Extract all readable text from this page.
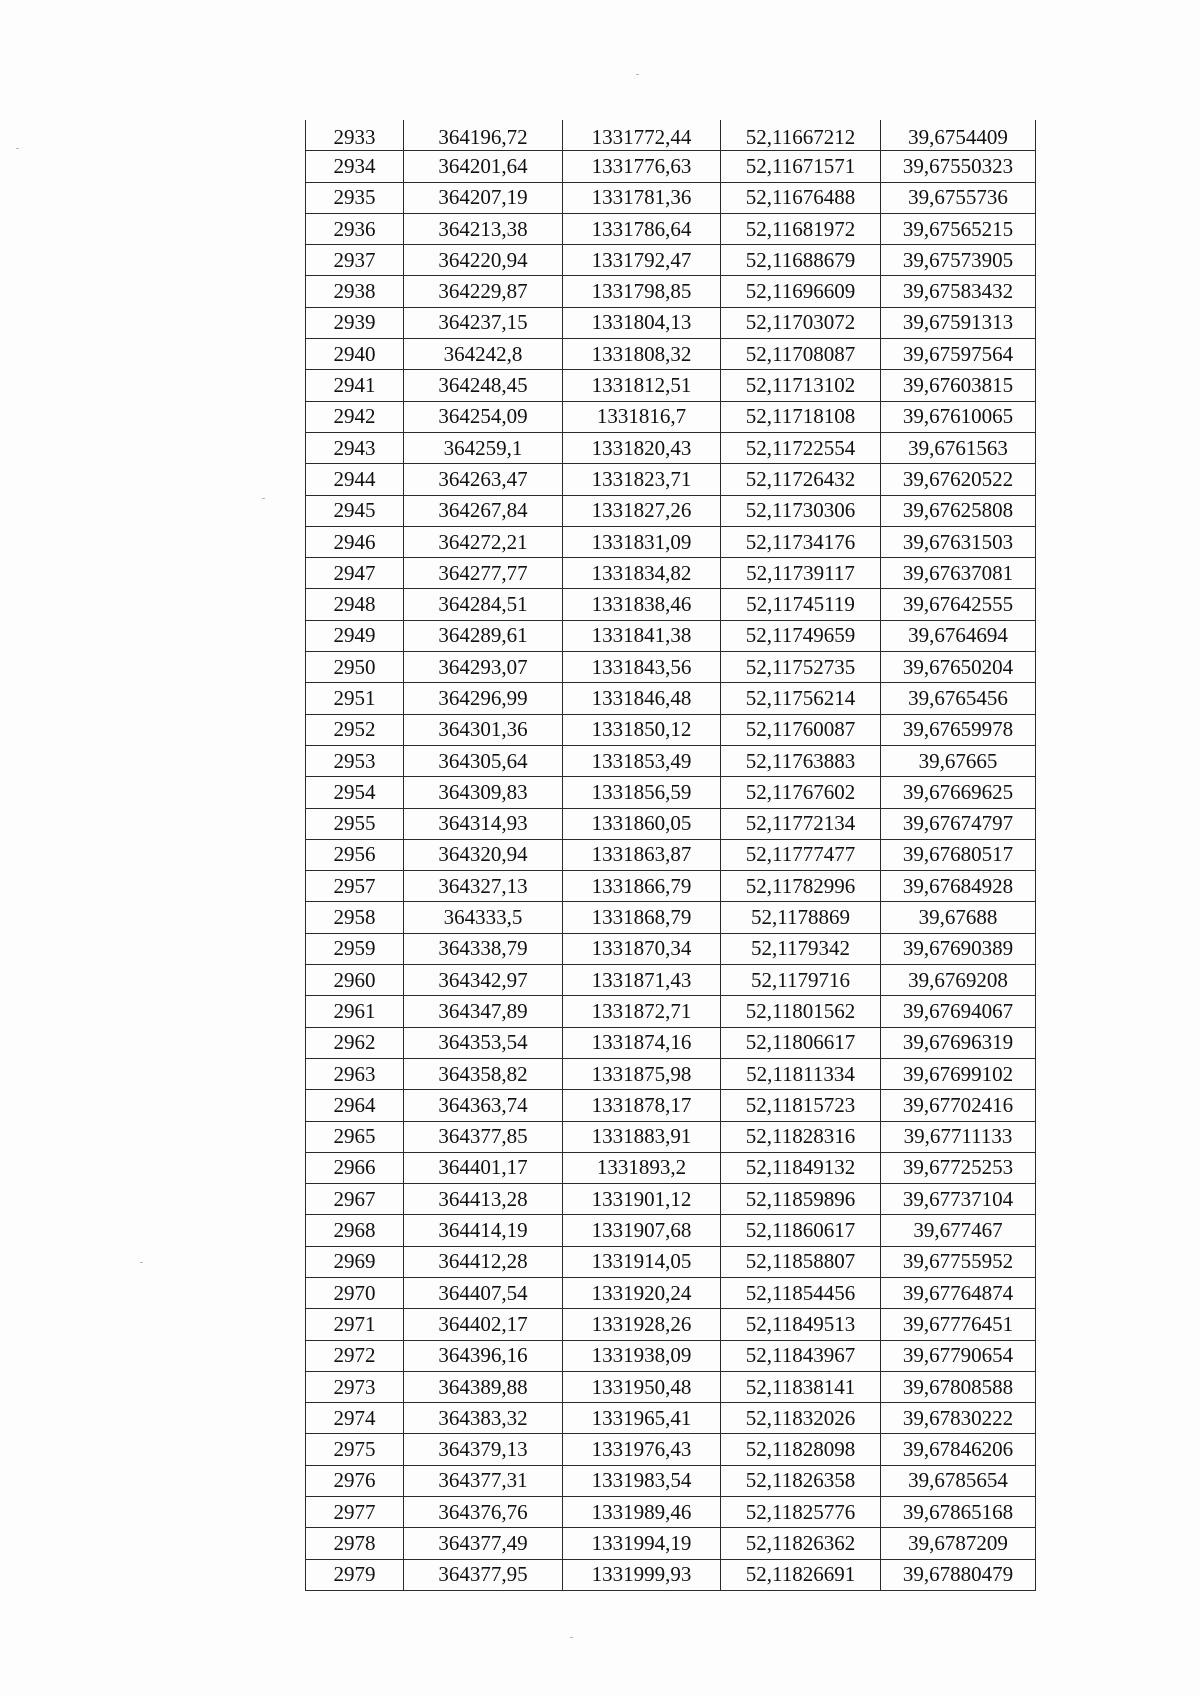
2933	364196,72	1331772,44	52,11667212	39,6754409
2934	364201,64	1331776,63	52,11671571	39,67550323
2935	364207,19	1331781,36	52,11676488	39,6755736
2936	364213,38	1331786,64	52,11681972	39,67565215
2937	364220,94	1331792,47	52,11688679	39,67573905
2938	364229,87	1331798,85	52,11696609	39,67583432
2939	364237,15	1331804,13	52,11703072	39,67591313
2940	364242,8	1331808,32	52,11708087	39,67597564
2941	364248,45	1331812,51	52,11713102	39,67603815
2942	364254,09	1331816,7	52,11718108	39,67610065
2943	364259,1	1331820,43	52,11722554	39,6761563
2944	364263,47	1331823,71	52,11726432	39,67620522
2945	364267,84	1331827,26	52,11730306	39,67625808
2946	364272,21	1331831,09	52,11734176	39,67631503
2947	364277,77	1331834,82	52,11739117	39,67637081
2948	364284,51	1331838,46	52,11745119	39,67642555
2949	364289,61	1331841,38	52,11749659	39,6764694
2950	364293,07	1331843,56	52,11752735	39,67650204
2951	364296,99	1331846,48	52,11756214	39,6765456
2952	364301,36	1331850,12	52,11760087	39,67659978
2953	364305,64	1331853,49	52,11763883	39,67665
2954	364309,83	1331856,59	52,11767602	39,67669625
2955	364314,93	1331860,05	52,11772134	39,67674797
2956	364320,94	1331863,87	52,11777477	39,67680517
2957	364327,13	1331866,79	52,11782996	39,67684928
2958	364333,5	1331868,79	52,1178869	39,67688
2959	364338,79	1331870,34	52,1179342	39,67690389
2960	364342,97	1331871,43	52,1179716	39,6769208
2961	364347,89	1331872,71	52,11801562	39,67694067
2962	364353,54	1331874,16	52,11806617	39,67696319
2963	364358,82	1331875,98	52,11811334	39,67699102
2964	364363,74	1331878,17	52,11815723	39,67702416
2965	364377,85	1331883,91	52,11828316	39,67711133
2966	364401,17	1331893,2	52,11849132	39,67725253
2967	364413,28	1331901,12	52,11859896	39,67737104
2968	364414,19	1331907,68	52,11860617	39,677467
2969	364412,28	1331914,05	52,11858807	39,67755952
2970	364407,54	1331920,24	52,11854456	39,67764874
2971	364402,17	1331928,26	52,11849513	39,67776451
2972	364396,16	1331938,09	52,11843967	39,67790654
2973	364389,88	1331950,48	52,11838141	39,67808588
2974	364383,32	1331965,41	52,11832026	39,67830222
2975	364379,13	1331976,43	52,11828098	39,67846206
2976	364377,31	1331983,54	52,11826358	39,6785654
2977	364376,76	1331989,46	52,11825776	39,67865168
2978	364377,49	1331994,19	52,11826362	39,6787209
2979	364377,95	1331999,93	52,11826691	39,67880479
